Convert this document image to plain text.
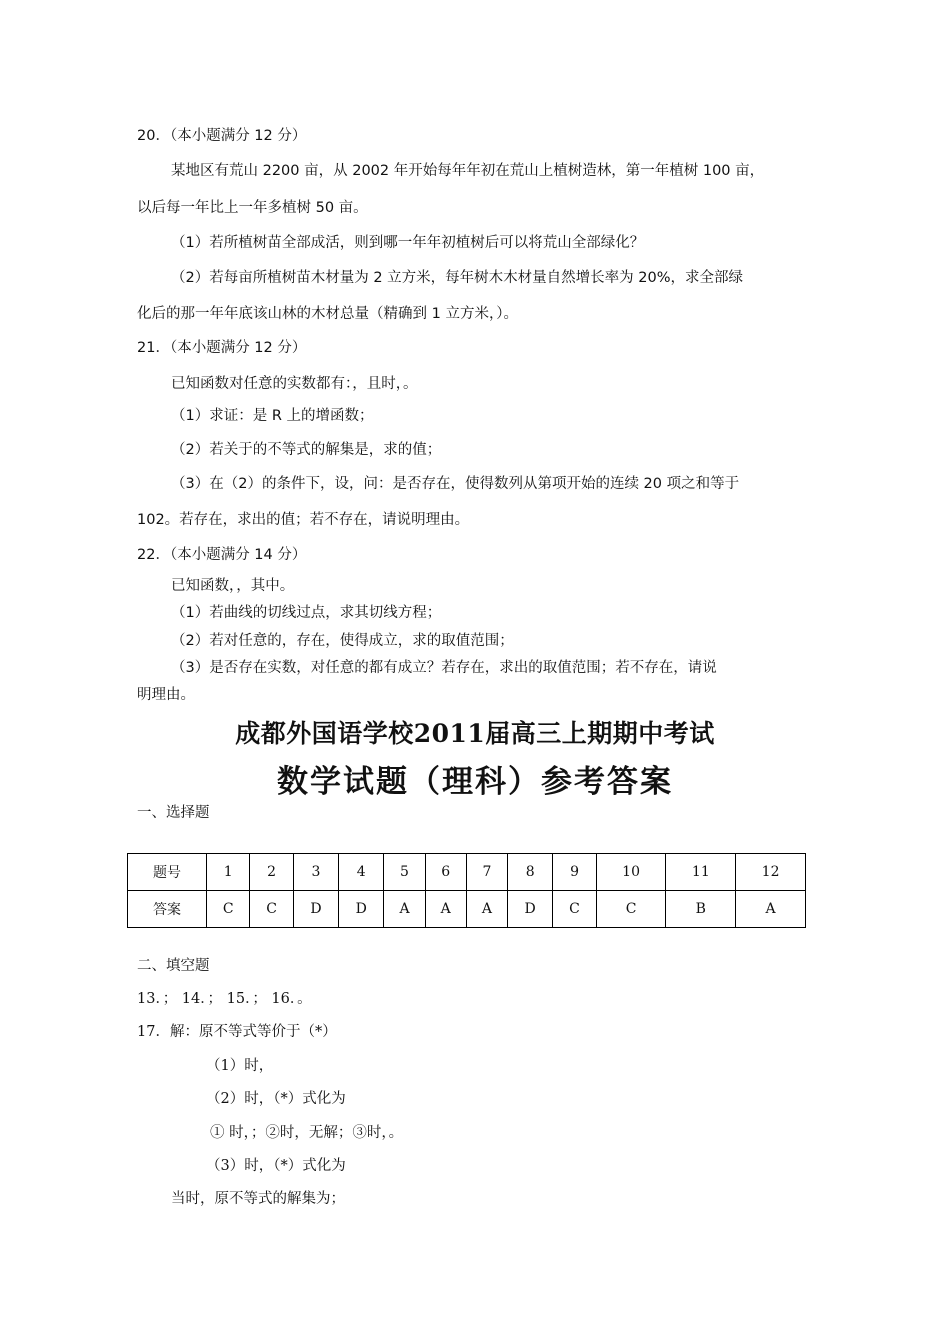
20．（本小题满分 12 分）
某地区有荒山 2200 亩，从 2002 年开始每年年初在荒山上植树造林，第一年植树 100 亩，
以后每一年比上一年多植树 50 亩。
（1）若所植树苗全部成活，则到哪一年年初植树后可以将荒山全部绿化？
（2）若每亩所植树苗木材量为 2 立方米，每年树木木材量自然增长率为 20%，求全部绿
化后的那一年年底该山林的木材总量（精确到 1 立方米，）。
21．（本小题满分 12 分）
已知函数对任意的实数都有：，且时，。
（1）求证：是 R 上的增函数；
（2）若关于的不等式的解集是，求的值；
（3）在（2）的条件下，设，问：是否存在，使得数列从第项开始的连续 20 项之和等于
102。若存在，求出的值；若不存在，请说明理由。
22．（本小题满分 14 分）
已知函数，，其中。
（1）若曲线的切线过点，求其切线方程；
（2）若对任意的，存在，使得成立，求的取值范围；
（3）是否存在实数，对任意的都有成立？若存在，求出的取值范围；若不存在，请说
明理由。
成都外国语学校2011届高三上期期中考试
数学试题（理科）参考答案
一、选择题
题号	1	2	3	4	5	6	7	8	9	10	11	12
答案	C	C	D	D	A	A	A	D	C	C	B	A
二、填空题
13．； 14．； 15．； 16．。
17．解：原不等式等价于（*）
（1）时，
（2）时，（*）式化为
① 时，；②时，无解；③时，。
（3）时，（*）式化为
当时，原不等式的解集为；
